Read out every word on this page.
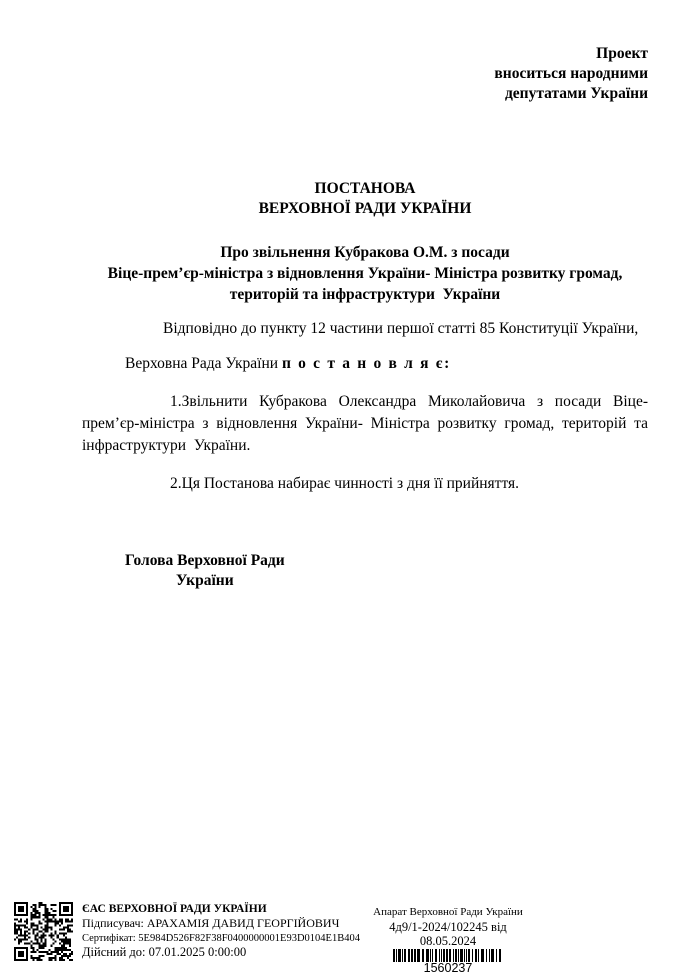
Проект
вноситься народними
депутатами України
ПОСТАНОВА
ВЕРХОВНОЇ РАДИ УКРАЇНИ
Про звільнення Кубракова О.М. з посади
Віце-прем’єр-міністра з відновлення України- Міністра розвитку громад,
територій та інфраструктури  України

Відповідно до пункту 12 частини першої статті 85 Конституції України,

Верховна Рада України п о с т а н о в л я є:

1.Звільнити Кубракова Олександра Миколайовича з посади Віце-прем’єр-міністра з відновлення України- Міністра розвитку громад, територій та інфраструктури  України.

2.Ця Постанова набирає чинності з дня її прийняття.

Голова Верховної Ради
України
ЄАС ВЕРХОВНОЇ РАДИ УКРАЇНИ
Підписувач: АРАХАМІЯ ДАВИД ГЕОРГІЙОВИЧ
Сертифікат: 5E984D526F82F38F0400000001E93D0104E1B404
Дійсний до: 07.01.2025 0:00:00
Апарат Верховної Ради України
4д9/1-2024/102245 від 08.05.2024
1560237
